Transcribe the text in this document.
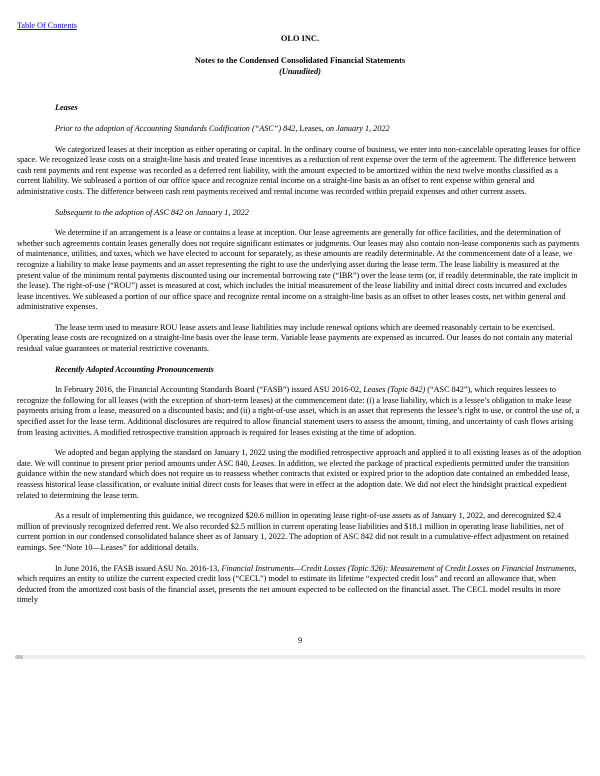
Table Of Contents
OLO INC.
Notes to the Condensed Consolidated Financial Statements
(Unaudited)
Leases
Prior to the adoption of Accounting Standards Codification (“ASC”) 842, Leases, on January 1, 2022

We categorized leases at their inception as either operating or capital. In the ordinary course of business, we enter into non-cancelable operating leases for office space. We recognized lease costs on a straight-line basis and treated lease incentives as a reduction of rent expense over the term of the agreement. The difference between cash rent payments and rent expense was recorded as a deferred rent liability, with the amount expected to be amortized within the next twelve months classified as a current liability. We subleased a portion of our office space and recognize rental income on a straight-line basis as an offset to rent expense within general and administrative costs. The difference between cash rent payments received and rental income was recorded within prepaid expenses and other current assets.

Subsequent to the adoption of ASC 842 on January 1, 2022

We determine if an arrangement is a lease or contains a lease at inception. Our lease agreements are generally for office facilities, and the determination of whether such agreements contain leases generally does not require significant estimates or judgments. Our leases may also contain non-lease components such as payments of maintenance, utilities, and taxes, which we have elected to account for separately, as these amounts are readily determinable. At the commencement date of a lease, we recognize a liability to make lease payments and an asset representing the right to use the underlying asset during the lease term. The lease liability is measured at the present value of the minimum rental payments discounted using our incremental borrowing rate (“IBR”) over the lease term (or, if readily determinable, the rate implicit in the lease). The right-of-use (“ROU”) asset is measured at cost, which includes the initial measurement of the lease liability and initial direct costs incurred and excludes lease incentives. We subleased a portion of our office space and recognize rental income on a straight-line basis as an offset to other leases costs, net within general and administrative expenses.

The lease term used to measure ROU lease assets and lease liabilities may include renewal options which are deemed reasonably certain to be exercised. Operating lease costs are recognized on a straight-line basis over the lease term. Variable lease payments are expensed as incurred. Our leases do not contain any material residual value guarantees or material restrictive covenants.

Recently Adopted Accounting Pronouncements

In February 2016, the Financial Accounting Standards Board (“FASB”) issued ASU 2016-02, Leases (Topic 842) (“ASC 842”), which requires lessees to recognize the following for all leases (with the exception of short-term leases) at the commencement date: (i) a lease liability, which is a lessee’s obligation to make lease payments arising from a lease, measured on a discounted basis; and (ii) a right-of-use asset, which is an asset that represents the lessee’s right to use, or control the use of, a specified asset for the lease term. Additional disclosures are required to allow financial statement users to assess the amount, timing, and uncertainty of cash flows arising from leasing activities. A modified retrospective transition approach is required for leases existing at the time of adoption.

We adopted and began applying the standard on January 1, 2022 using the modified retrospective approach and applied it to all existing leases as of the adoption date. We will continue to present prior period amounts under ASC 840, Leases. In addition, we elected the package of practical expedients permitted under the transition guidance within the new standard which does not require us to reassess whether contracts that existed or expired prior to the adoption date contained an embedded lease, reassess historical lease classification, or evaluate initial direct costs for leases that were in effect at the adoption date. We did not elect the hindsight practical expedient related to determining the lease term.

As a result of implementing this guidance, we recognized $20.6 million in operating lease right-of-use assets as of January 1, 2022, and derecognized $2.4 million of previously recognized deferred rent. We also recorded $2.5 million in current operating lease liabilities and $18.1 million in operating lease liabilities, net of current portion in our condensed consolidated balance sheet as of January 1, 2022. The adoption of ASC 842 did not result in a cumulative-effect adjustment on retained earnings. See “Note 10—Leases” for additional details.

In June 2016, the FASB issued ASU No. 2016-13, Financial Instruments—Credit Losses (Topic 326): Measurement of Credit Losses on Financial Instruments, which requires an entity to utilize the current expected credit loss (“CECL”) model to estimate its lifetime “expected credit loss” and record an allowance that, when deducted from the amortized cost basis of the financial asset, presents the net amount expected to be collected on the financial asset. The CECL model results in more timely

9
